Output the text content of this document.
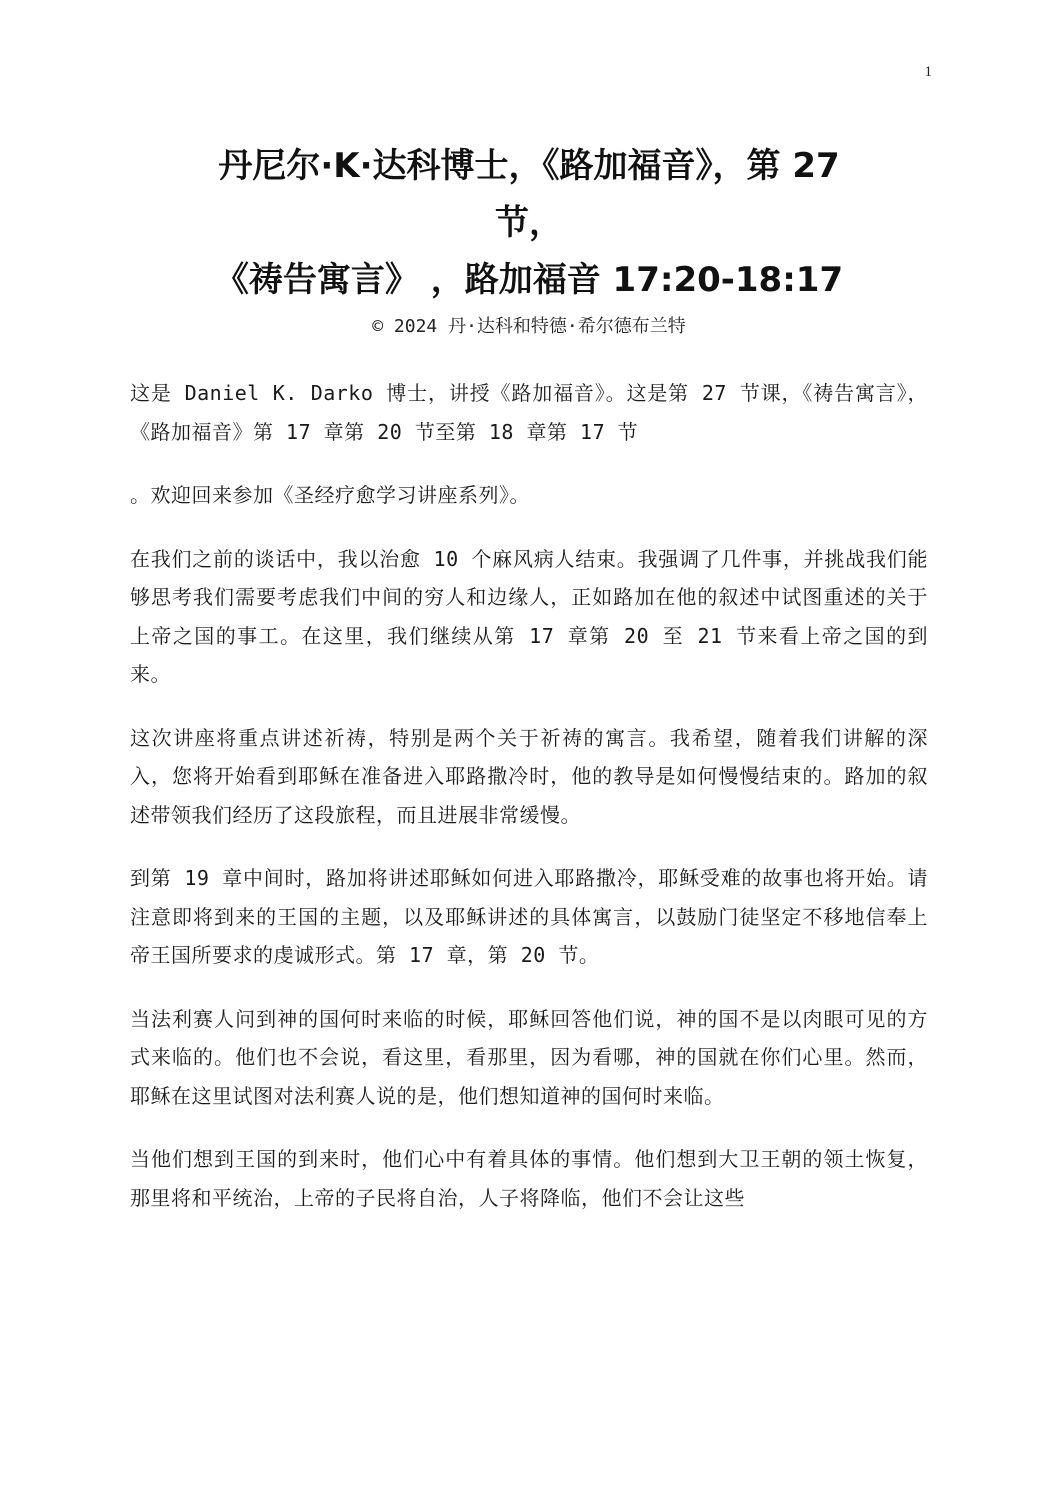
1
丹尼尔·K·达科博士，《路加福音》，第 27
节，
《祷告寓言》 ，路加福音 17:20-18:17
© 2024 丹·达科和特德·希尔德布兰特

这是 Daniel K. Darko 博士，讲授《路加福音》。这是第 27 节课，《祷告寓言》，《路加福音》第 17 章第 20 节至第 18 章第 17 节

。欢迎回来参加《圣经疗愈学习讲座系列》。

在我们之前的谈话中，我以治愈 10 个麻风病人结束。我强调了几件事，并挑战我们能够思考我们需要考虑我们中间的穷人和边缘人，正如路加在他的叙述中试图重述的关于上帝之国的事工。在这里，我们继续从第 17 章第 20 至 21 节来看上帝之国的到来。

这次讲座将重点讲述祈祷，特别是两个关于祈祷的寓言。我希望，随着我们讲解的深入，您将开始看到耶稣在准备进入耶路撒冷时，他的教导是如何慢慢结束的。路加的叙述带领我们经历了这段旅程，而且进展非常缓慢。

到第 19 章中间时，路加将讲述耶稣如何进入耶路撒冷，耶稣受难的故事也将开始。请注意即将到来的王国的主题，以及耶稣讲述的具体寓言，以鼓励门徒坚定不移地信奉上帝王国所要求的虔诚形式。第 17 章，第 20 节。

当法利赛人问到神的国何时来临的时候，耶稣回答他们说，神的国不是以肉眼可见的方式来临的。他们也不会说，看这里，看那里，因为看哪，神的国就在你们心里。然而，耶稣在这里试图对法利赛人说的是，他们想知道神的国何时来临。

当他们想到王国的到来时，他们心中有着具体的事情。他们想到大卫王朝的领土恢复，那里将和平统治，上帝的子民将自治，人子将降临，他们不会让这些
